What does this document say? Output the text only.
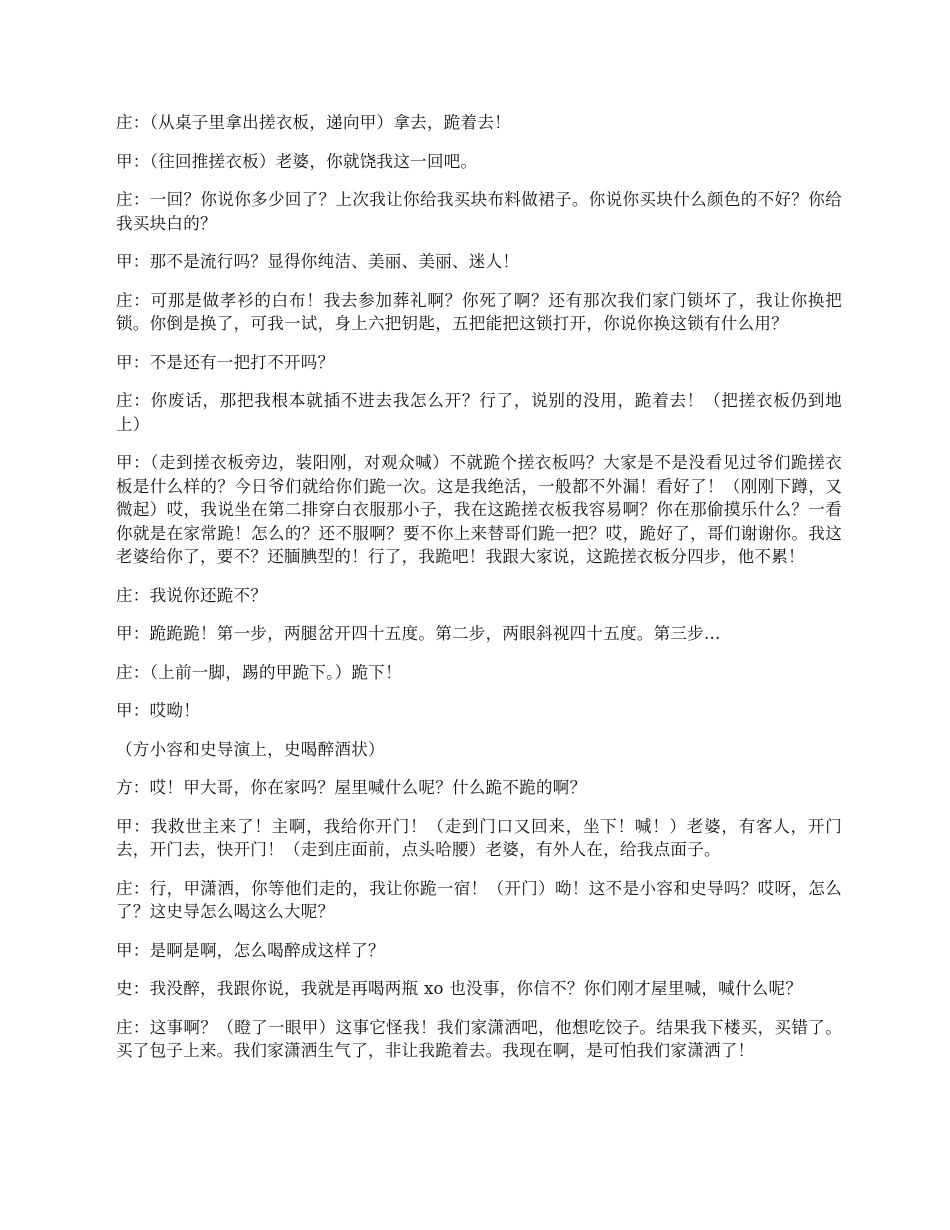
庄：（从桌子里拿出搓衣板，递向甲）拿去，跪着去！

甲：（往回推搓衣板）老婆，你就饶我这一回吧。

庄：一回？你说你多少回了？上次我让你给我买块布料做裙子。你说你买块什么颜色的不好？你给我买块白的？

甲：那不是流行吗？显得你纯洁、美丽、美丽、迷人！

庄：可那是做孝衫的白布！我去参加葬礼啊？你死了啊？还有那次我们家门锁坏了，我让你换把锁。你倒是换了，可我一试，身上六把钥匙，五把能把这锁打开，你说你换这锁有什么用？

甲：不是还有一把打不开吗？

庄：你废话，那把我根本就插不进去我怎么开？行了，说别的没用，跪着去！（把搓衣板仍到地上）

甲：（走到搓衣板旁边，装阳刚，对观众喊）不就跪个搓衣板吗？大家是不是没看见过爷们跪搓衣板是什么样的？今日爷们就给你们跪一次。这是我绝活，一般都不外漏！看好了！（刚刚下蹲，又微起）哎，我说坐在第二排穿白衣服那小子，我在这跪搓衣板我容易啊？你在那偷摸乐什么？一看你就是在家常跪！怎么的？还不服啊？要不你上来替哥们跪一把？哎，跪好了，哥们谢谢你。我这老婆给你了，要不？还腼腆型的！行了，我跪吧！我跟大家说，这跪搓衣板分四步，他不累！

庄：我说你还跪不？

甲：跪跪跪！第一步，两腿岔开四十五度。第二步，两眼斜视四十五度。第三步...

庄：（上前一脚，踢的甲跪下。）跪下！

甲：哎呦！

（方小容和史导演上，史喝醉酒状）

方：哎！甲大哥，你在家吗？屋里喊什么呢？什么跪不跪的啊？

甲：我救世主来了！主啊，我给你开门！（走到门口又回来，坐下！喊！）老婆，有客人，开门去，开门去，快开门！（走到庄面前，点头哈腰）老婆，有外人在，给我点面子。

庄：行，甲潇洒，你等他们走的，我让你跪一宿！（开门）呦！这不是小容和史导吗？哎呀，怎么了？这史导怎么喝这么大呢？

甲：是啊是啊，怎么喝醉成这样了？

史：我没醉，我跟你说，我就是再喝两瓶 xo 也没事，你信不？你们刚才屋里喊，喊什么呢？

庄：这事啊？（瞪了一眼甲）这事它怪我！我们家潇洒吧，他想吃饺子。结果我下楼买，买错了。买了包子上来。我们家潇洒生气了，非让我跪着去。我现在啊，是可怕我们家潇洒了！
